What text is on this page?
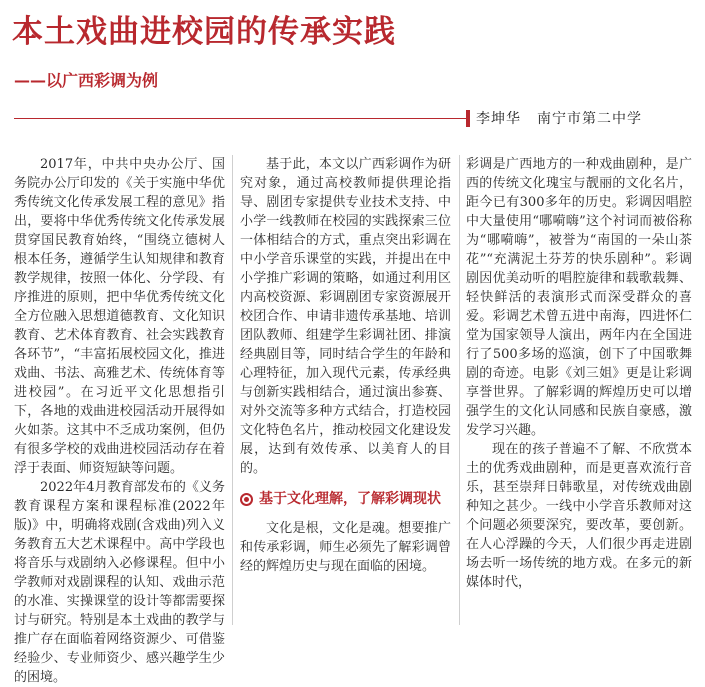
本土戏曲进校园的传承实践
——以广西彩调为例
李坤华 南宁市第二中学

2017年，中共中央办公厅、国务院办公厅印发的《关于实施中华优秀传统文化传承发展工程的意见》指出，要将中华优秀传统文化传承发展贯穿国民教育始终，“围绕立德树人根本任务，遵循学生认知规律和教育教学规律，按照一体化、分学段、有序推进的原则，把中华优秀传统文化全方位融入思想道德教育、文化知识教育、艺术体育教育、社会实践教育各环节”，“丰富拓展校园文化，推进戏曲、书法、高雅艺术、传统体育等进校园”。在习近平文化思想指引下，各地的戏曲进校园活动开展得如火如荼。这其中不乏成功案例，但仍有很多学校的戏曲进校园活动存在着浮于表面、师资短缺等问题。

2022年4月教育部发布的《义务教育课程方案和课程标准(2022年版)》中，明确将戏剧(含戏曲)列入义务教育五大艺术课程中。高中学段也将音乐与戏剧纳入必修课程。但中小学教师对戏剧课程的认知、戏曲示范的水准、实操课堂的设计等都需要探讨与研究。特别是本土戏曲的教学与推广存在面临着网络资源少、可借鉴经验少、专业师资少、感兴趣学生少的困境。

基于此，本文以广西彩调作为研究对象，通过高校教师提供理论指导、剧团专家提供专业技术支持、中小学一线教师在校园的实践探索三位一体相结合的方式，重点突出彩调在中小学音乐课堂的实践，并提出在中小学推广彩调的策略，如通过利用区内高校资源、彩调剧团专家资源展开校团合作、申请非遗传承基地、培训团队教师、组建学生彩调社团、排演经典剧目等，同时结合学生的年龄和心理特征，加入现代元素，传承经典与创新实践相结合，通过演出参赛、对外交流等多种方式结合，打造校园文化特色名片，推动校园文化建设发展，达到有效传承、以美育人的目的。

基于文化理解，了解彩调现状

文化是根，文化是魂。想要推广和传承彩调，师生必须先了解彩调曾经的辉煌历史与现在面临的困境。

彩调是广西地方的一种戏曲剧种，是广西的传统文化瑰宝与靓丽的文化名片，距今已有300多年的历史。彩调因唱腔中大量使用“哪嗬嗨”这个衬词而被俗称为“哪嗬嗨”，被誉为“南国的一朵山茶花”“充满泥土芬芳的快乐剧种”。彩调剧因优美动听的唱腔旋律和载歌载舞、轻快鲜活的表演形式而深受群众的喜爱。彩调艺术曾五进中南海，四进怀仁堂为国家领导人演出，两年内在全国进行了500多场的巡演，创下了中国歌舞剧的奇迹。电影《刘三姐》更是让彩调享誉世界。了解彩调的辉煌历史可以增强学生的文化认同感和民族自豪感，激发学习兴趣。

现在的孩子普遍不了解、不欣赏本土的优秀戏曲剧种，而是更喜欢流行音乐，甚至崇拜日韩歌星，对传统戏曲剧种知之甚少。一线中小学音乐教师对这个问题必须要深究，要改革，要创新。在人心浮躁的今天，人们很少再走进剧场去听一场传统的地方戏。在多元的新媒体时代，
